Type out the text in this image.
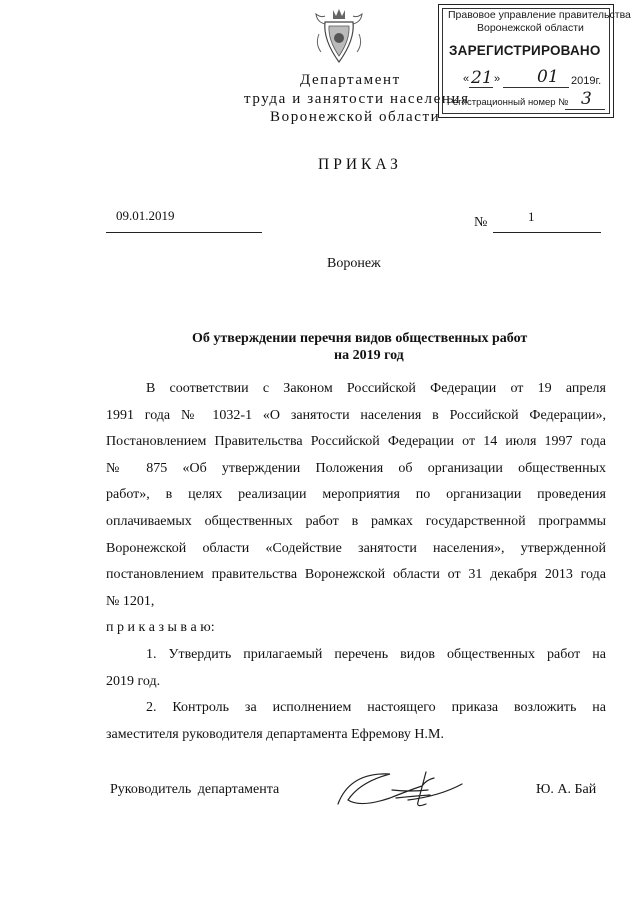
Департамент
труда и занятости населения
Воронежской области
Правовое управление правительства
Воронежской области
ЗАРЕГИСТРИРОВАНО
« 21 » 01 2019г.
Регистрационный номер № 3
ПРИКАЗ
09.01.2019	№	1
Воронеж
Об утверждении перечня видов общественных работ
на 2019 год
В соответствии с Законом Российской Федерации от 19 апреля
1991 года № 1032-1 «О занятости населения в Российской Федерации»,
Постановлением Правительства Российской Федерации от 14 июля 1997 года
№ 875 «Об утверждении Положения об организации общественных
работ», в целях реализации мероприятия по организации проведения
оплачиваемых общественных работ в рамках государственной программы
Воронежской области «Содействие занятости населения», утвержденной
постановлением правительства Воронежской области от 31 декабря 2013 года
№ 1201,
п р и к а з ы в а ю:
1. Утвердить прилагаемый перечень видов общественных работ на
2019 год.
2. Контроль за исполнением настоящего приказа возложить на
заместителя руководителя департамента Ефремову Н.М.
Руководитель департамента	Ю. А. Бай
